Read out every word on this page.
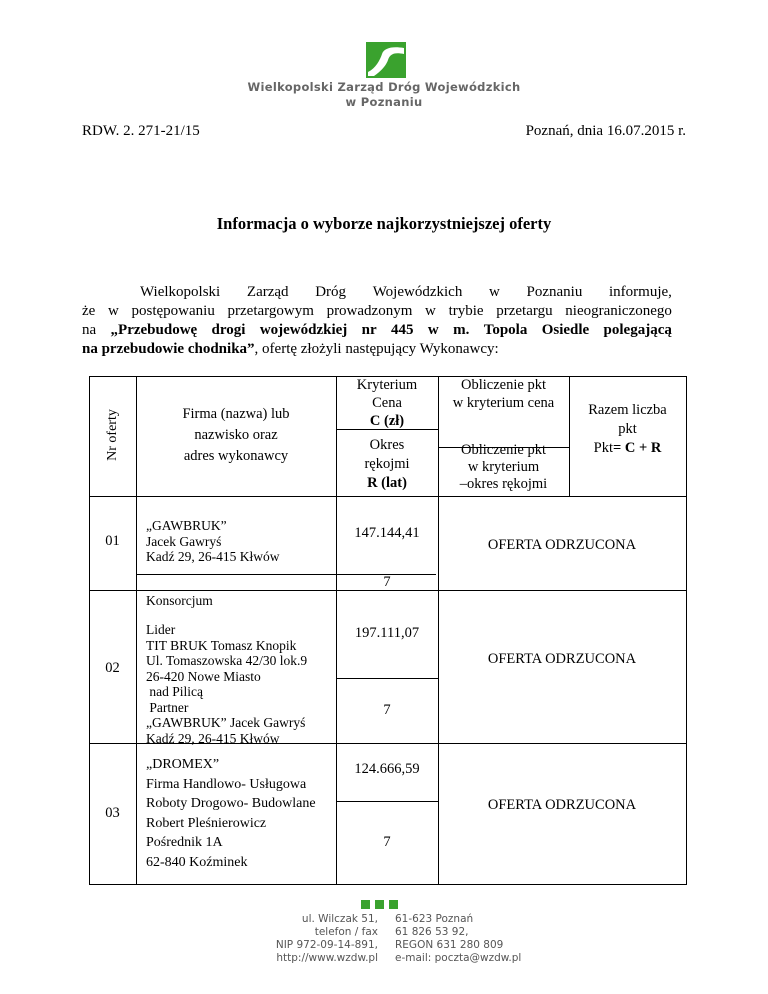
Wielkopolski Zarząd Dróg Wojewódzkich
w Poznaniu
RDW. 2. 271-21/15	Poznań, dnia 16.07.2015 r.
Informacja o wyborze najkorzystniejszej oferty
Wielkopolski Zarząd Dróg Wojewódzkich w Poznaniu informuje,
że w postępowaniu przetargowym prowadzonym w trybie przetargu nieograniczonego
na „Przebudowę drogi wojewódzkiej nr 445 w m. Topola Osiedle polegającą
na przebudowie chodnika” , ofertę złożyli następujący Wykonawcy:
Nr oferty	Firma (nazwa) lub
nazwisko oraz
adres wykonawcy
Kryterium
Cena
C (zł)
Okres
rękojmi
R (lat)
Obliczenie pkt
w kryterium cena
Obliczenie pkt
w kryterium
–okres rękojmi
Razem liczba
pkt
Pkt= C + R
01
„GAWBRUK”
Jacek Gawryś
Kadź 29, 26-415 Kłwów
147.144,41
7
OFERTA ODRZUCONA
Konsorcjum
02
Lider
TIT BRUK Tomasz Knopik
Ul. Tomaszowska 42/30 lok.9
26-420 Nowe Miasto
nad Pilicą
Partner
„GAWBRUK” Jacek Gawryś
Kadź 29, 26-415 Kłwów
197.111,07
7
OFERTA ODRZUCONA
03
„DROMEX”
Firma Handlowo- Usługowa
Roboty Drogowo- Budowlane
Robert Pleśnierowicz
Pośrednik 1A
62-840 Koźminek
124.666,59
7
OFERTA ODRZUCONA
ul. Wilczak 51,
telefon / fax
NIP 972-09-14-891,
http://www.wzdw.pl
61-623 Poznań
61 826 53 92,
REGON 631 280 809
e-mail: poczta@wzdw.pl
